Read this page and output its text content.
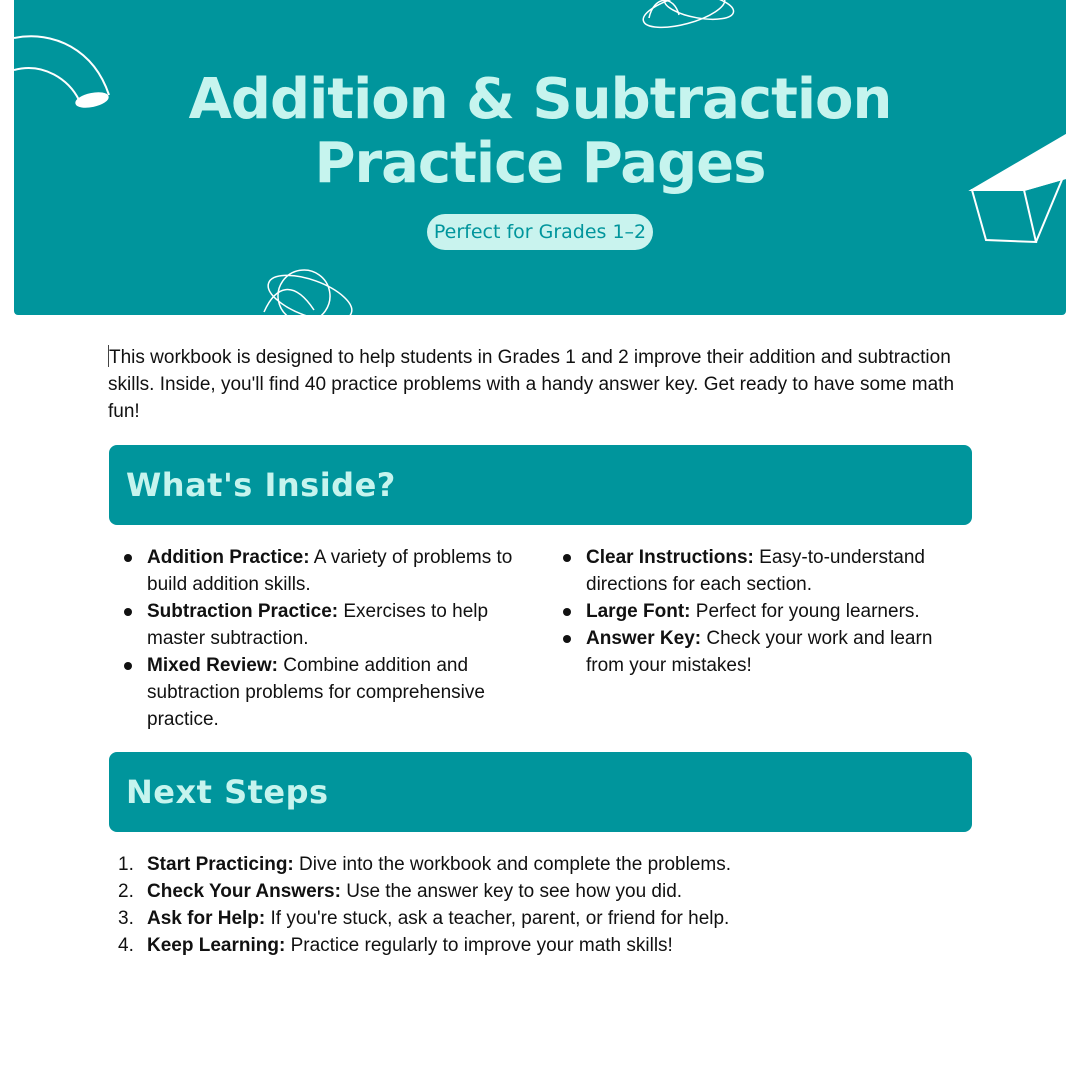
Addition & Subtraction
Practice Pages
Perfect for Grades 1–2

This workbook is designed to help students in Grades 1 and 2 improve their addition and subtraction skills. Inside, you'll find 40 practice problems with a handy answer key. Get ready to have some math fun!

What's Inside?
Addition Practice: A variety of problems to build addition skills.
Subtraction Practice: Exercises to help master subtraction.
Mixed Review: Combine addition and subtraction problems for comprehensive practice.
Clear Instructions: Easy-to-understand directions for each section.
Large Font: Perfect for young learners.
Answer Key: Check your work and learn from your mistakes!
Next Steps
1. Start Practicing: Dive into the workbook and complete the problems.
2. Check Your Answers: Use the answer key to see how you did.
3. Ask for Help: If you're stuck, ask a teacher, parent, or friend for help.
4. Keep Learning: Practice regularly to improve your math skills!
